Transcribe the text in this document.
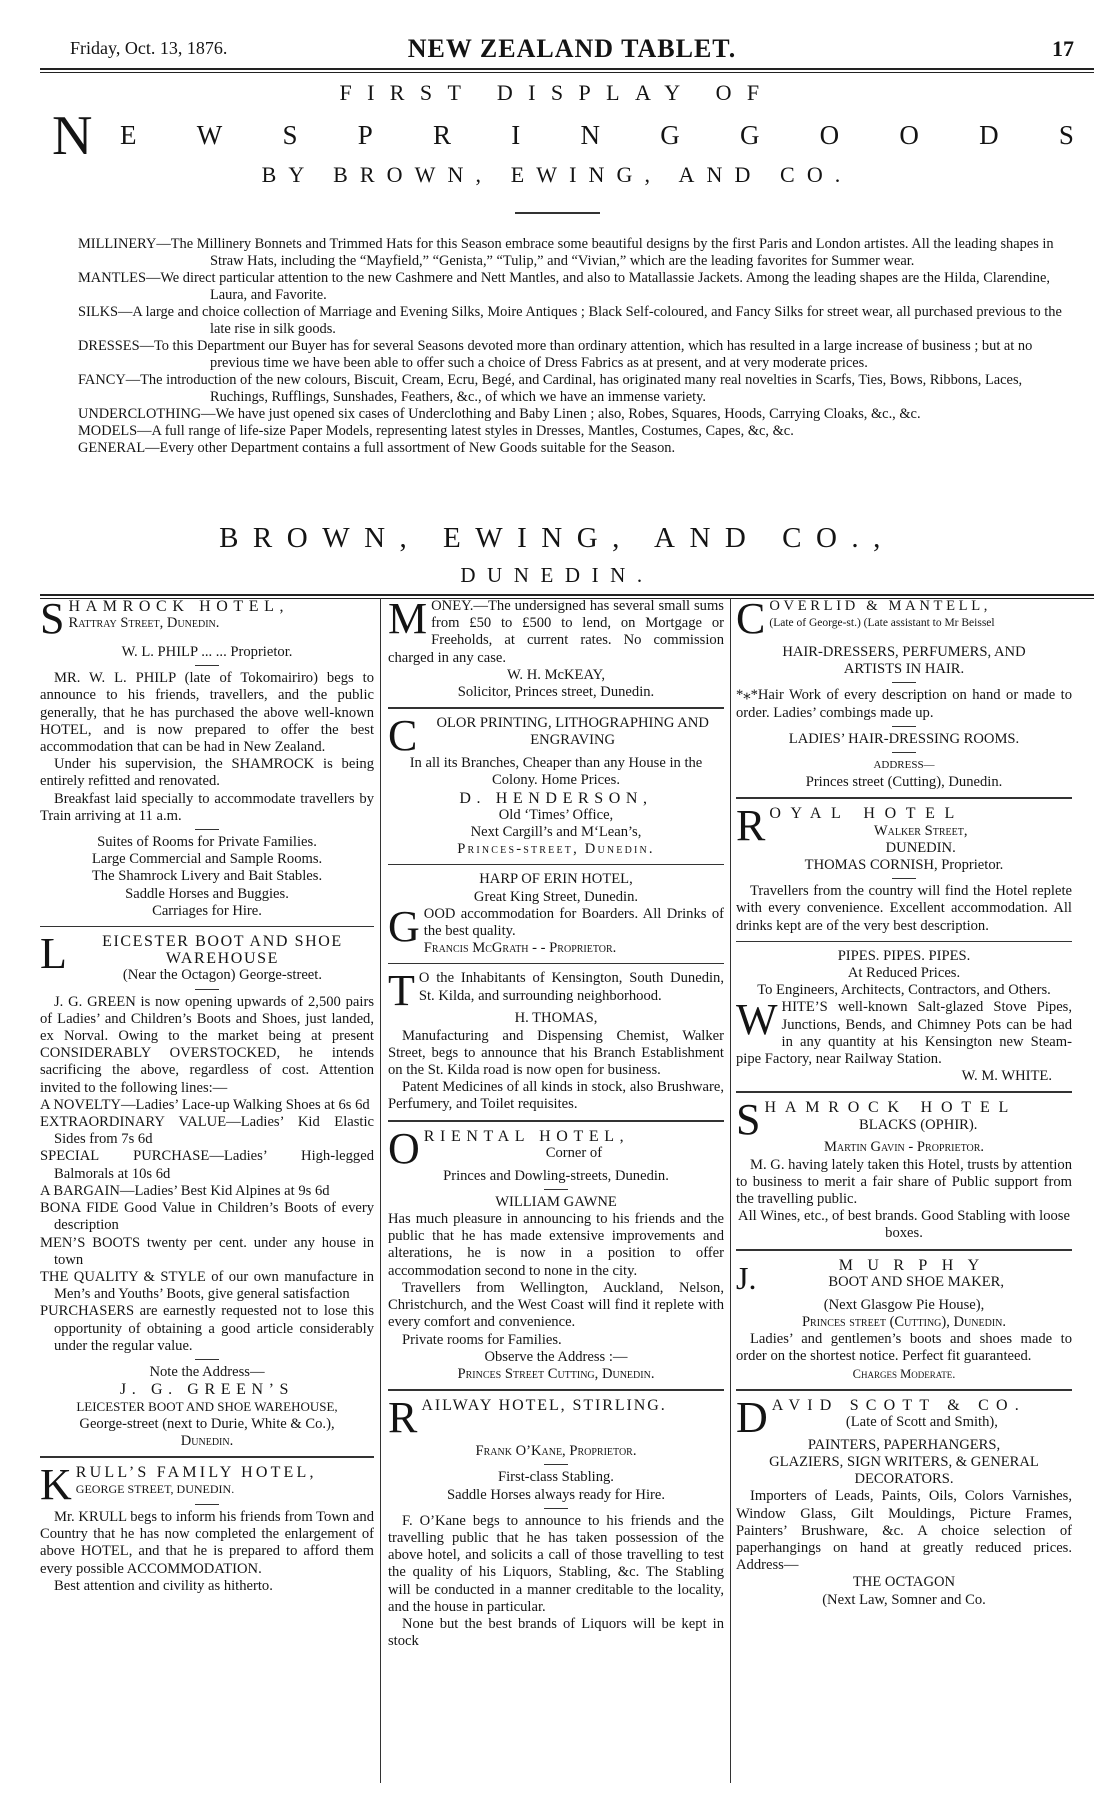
Friday, Oct. 13, 1876.	NEW ZEALAND TABLET.	17
FIRST DISPLAY OF
N E W S P R I N G G O O D S
BY BROWN, EWING, AND CO.

MILLINERY—The Millinery Bonnets and Trimmed Hats for this Season embrace some beautiful designs by the first Paris and London artistes. All the leading shapes in Straw Hats, including the “Mayfield,” “Genista,” “Tulip,” and “Vivian,” which are the leading favorites for Summer wear.

MANTLES—We direct particular attention to the new Cashmere and Nett Mantles, and also to Matallassie Jackets. Among the leading shapes are the Hilda, Clarendine, Laura, and Favorite.

SILKS—A large and choice collection of Marriage and Evening Silks, Moire Antiques ; Black Self-coloured, and Fancy Silks for street wear, all purchased previous to the late rise in silk goods.

DRESSES—To this Department our Buyer has for several Seasons devoted more than ordinary attention, which has resulted in a large increase of business ; but at no previous time we have been able to offer such a choice of Dress Fabrics as at present, and at very moderate prices.

FANCY—The introduction of the new colours, Biscuit, Cream, Ecru, Begé, and Cardinal, has originated many real novelties in Scarfs, Ties, Bows, Ribbons, Laces, Ruchings, Rufflings, Sunshades, Feathers, &c., of which we have an immense variety.

UNDERCLOTHING—We have just opened six cases of Underclothing and Baby Linen ; also, Robes, Squares, Hoods, Carrying Cloaks, &c., &c.

MODELS—A full range of life-size Paper Models, representing latest styles in Dresses, Mantles, Costumes, Capes, &c, &c.

GENERAL—Every other Department contains a full assortment of New Goods suitable for the Season.

BROWN, EWING, AND CO.,
DUNEDIN.
S HAMROCK HOTEL,

Rattray Street, Dunedin.

W. L. PHILP ... ... Proprietor.

MR. W. L. PHILP (late of Tokomairiro) begs to announce to his friends, travellers, and the public generally, that he has purchased the above well-known HOTEL, and is now prepared to offer the best accommodation that can be had in New Zealand.

Under his supervision, the SHAMROCK is being entirely refitted and renovated.

Breakfast laid specially to accommodate travellers by Train arriving at 11 a.m.

Suites of Rooms for Private Families.

Large Commercial and Sample Rooms.

The Shamrock Livery and Bait Stables.

Saddle Horses and Buggies.

Carriages for Hire.

L	EICESTER BOOT AND SHOE WAREHOUSE

(Near the Octagon) George-street.

J. G. GREEN is now opening upwards of 2,500 pairs of Ladies’ and Children’s Boots and Shoes, just landed, ex Norval. Owing to the market being at present CONSIDERABLY OVERSTOCKED, he intends sacrificing the above, regardless of cost. Attention invited to the following lines:—

A NOVELTY—Ladies’ Lace-up Walking Shoes at 6s 6d

EXTRAORDINARY VALUE—Ladies’ Kid Elastic Sides from 7s 6d

SPECIAL PURCHASE—Ladies’ High-legged Balmorals at 10s 6d

A BARGAIN—Ladies’ Best Kid Alpines at 9s 6d

BONA FIDE Good Value in Children’s Boots of every description

MEN’S BOOTS twenty per cent. under any house in town

THE QUALITY & STYLE of our own manufacture in Men’s and Youths’ Boots, give general satisfaction

PURCHASERS are earnestly requested not to lose this opportunity of obtaining a good article considerably under the regular value.

Note the Address—

J. G. GREEN’S

LEICESTER BOOT AND SHOE WAREHOUSE,

George-street (next to Durie, White & Co.),

Dunedin.

K RULL’S FAMILY HOTEL,

GEORGE STREET, DUNEDIN.

Mr. KRULL begs to inform his friends from Town and Country that he has now completed the enlargement of above HOTEL, and that he is prepared to afford them every possible ACCOMMODATION.

Best attention and civility as hitherto.

M ONEY.—The undersigned has several small sums from £50 to £500 to lend, on Mortgage or Freeholds, at current rates. No commission charged in any case.

W. H. McKEAY,

Solicitor, Princes street, Dunedin.

C	OLOR PRINTING, LITHOGRAPHING AND ENGRAVING

In all its Branches, Cheaper than any House in the Colony. Home Prices.

D. HENDERSON,

Old ‘Times’ Office,

Next Cargill’s and M‘Lean’s,

Princes-street, Dunedin.

HARP OF ERIN HOTEL,

Great King Street, Dunedin.

G OOD accommodation for Boarders. All Drinks of the best quality.

Francis McGrath - - Proprietor.

T O the Inhabitants of Kensington, South Dunedin, St. Kilda, and surrounding neighborhood.

H. THOMAS,

Manufacturing and Dispensing Chemist, Walker Street, begs to announce that his Branch Establishment on the St. Kilda road is now open for business.

Patent Medicines of all kinds in stock, also Brushware, Perfumery, and Toilet requisites.

O RIENTAL HOTEL,

Corner of

Princes and Dowling-streets, Dunedin.

WILLIAM GAWNE

Has much pleasure in announcing to his friends and the public that he has made extensive improvements and alterations, he is now in a position to offer accommodation second to none in the city.

Travellers from Wellington, Auckland, Nelson, Christchurch, and the West Coast will find it replete with every comfort and convenience.

Private rooms for Families.

Observe the Address :—

Princes Street Cutting, Dunedin.

R AILWAY HOTEL, STIRLING.

Frank O’Kane, Proprietor.

First-class Stabling.

Saddle Horses always ready for Hire.

F. O’Kane begs to announce to his friends and the travelling public that he has taken possession of the above hotel, and solicits a call of those travelling to test the quality of his Liquors, Stabling, &c. The Stabling will be conducted in a manner creditable to the locality, and the house in particular.

None but the best brands of Liquors will be kept in stock

C OVERLID & MANTELL,

(Late of George-st.) (Late assistant to Mr Beissel

HAIR-DRESSERS, PERFUMERS, AND

ARTISTS IN HAIR.

*⁎*Hair Work of every description on hand or made to order. Ladies’ combings made up.

LADIES’ HAIR-DRESSING ROOMS.

ADDRESS—

Princes street (Cutting), Dunedin.

R OYAL HOTEL

Walker Street,

DUNEDIN.

THOMAS CORNISH, Proprietor.

Travellers from the country will find the Hotel replete with every convenience. Excellent accommodation. All drinks kept are of the very best description.

PIPES. PIPES. PIPES.

At Reduced Prices.

To Engineers, Architects, Contractors, and Others.

W HITE’S well-known Salt-glazed Stove Pipes, Junctions, Bends, and Chimney Pots can be had in any quantity at his Kensington new Steam-pipe Factory, near Railway Station.

W. M. WHITE.

S HAMROCK HOTEL

BLACKS (OPHIR).

Martin Gavin - Proprietor.

M. G. having lately taken this Hotel, trusts by attention to business to merit a fair share of Public support from the travelling public.

All Wines, etc., of best brands. Good Stabling with loose boxes.

J.	MURPHY

BOOT AND SHOE MAKER,

(Next Glasgow Pie House),

Princes street (Cutting), Dunedin.

Ladies’ and gentlemen’s boots and shoes made to order on the shortest notice. Perfect fit guaranteed.

Charges Moderate.

D AVID SCOTT & CO.

(Late of Scott and Smith),

PAINTERS, PAPERHANGERS,

GLAZIERS, SIGN WRITERS, & GENERAL DECORATORS.

Importers of Leads, Paints, Oils, Colors Varnishes, Window Glass, Gilt Mouldings, Picture Frames, Painters’ Brushware, &c. A choice selection of paperhangings on hand at greatly reduced prices. Address—

THE OCTAGON

(Next Law, Somner and Co.
